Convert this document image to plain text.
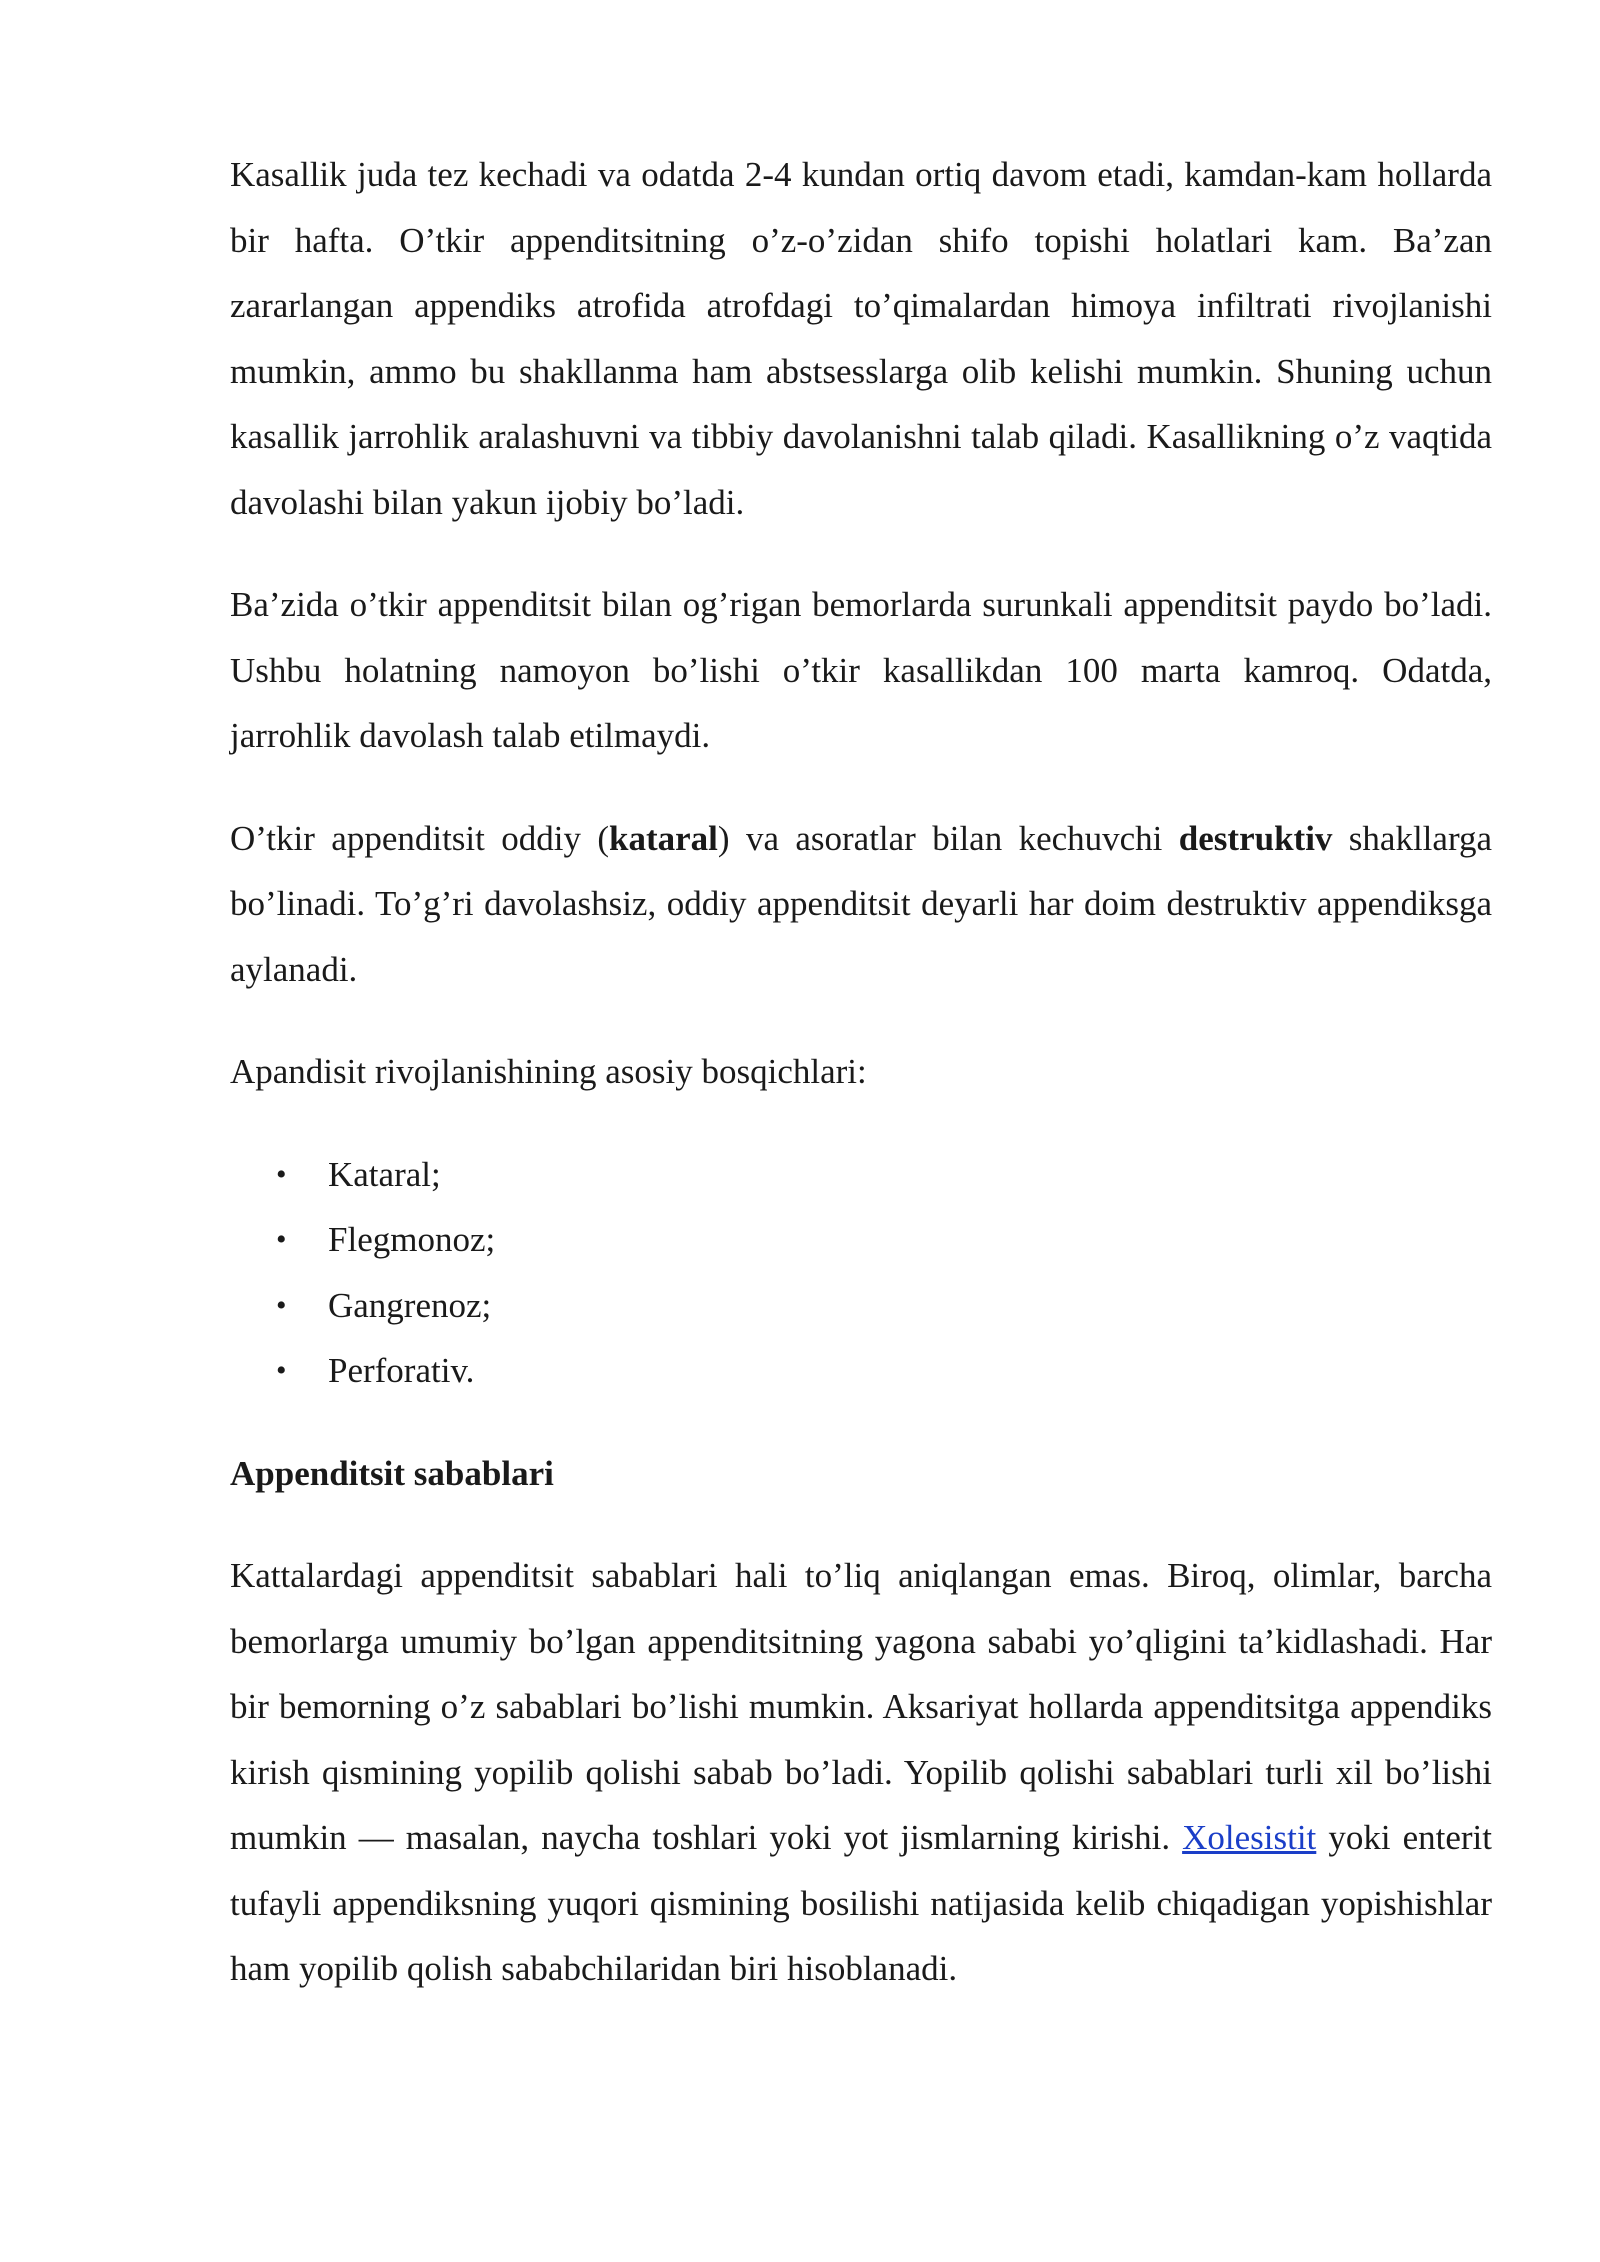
Kasallik juda tez kechadi va odatda 2-4 kundan ortiq davom etadi, kamdan-kam hollarda bir hafta. O’tkir appenditsitning o’z-o’zidan shifo topishi holatlari kam. Ba’zan zararlangan appendiks atrofida atrofdagi to’qimalardan himoya infiltrati rivojlanishi mumkin, ammo bu shakllanma ham abstsesslarga olib kelishi mumkin. Shuning uchun kasallik jarrohlik aralashuvni va tibbiy davolanishni talab qiladi. Kasallikning o’z vaqtida davolashi bilan yakun ijobiy bo’ladi.

Ba’zida o’tkir appenditsit bilan og’rigan bemorlarda surunkali appenditsit paydo bo’ladi. Ushbu holatning namoyon bo’lishi o’tkir kasallikdan 100 marta kamroq. Odatda, jarrohlik davolash talab etilmaydi.

O’tkir appenditsit oddiy (kataral) va asoratlar bilan kechuvchi destruktiv shakllarga bo’linadi. To’g’ri davolashsiz, oddiy appenditsit deyarli har doim destruktiv appendiksga aylanadi.

Apandisit rivojlanishining asosiy bosqichlari:

• Kataral;
• Flegmonoz;
• Gangrenoz;
• Perforativ.
Appenditsit sabablari

Kattalardagi appenditsit sabablari hali to’liq aniqlangan emas. Biroq, olimlar, barcha bemorlarga umumiy bo’lgan appenditsitning yagona sababi yo’qligini ta’kidlashadi. Har bir bemorning o’z sabablari bo’lishi mumkin. Aksariyat hollarda appenditsitga appendiks kirish qismining yopilib qolishi sabab bo’ladi. Yopilib qolishi sabablari turli xil bo’lishi mumkin — masalan, naycha toshlari yoki yot jismlarning kirishi. Xolesistit yoki enterit tufayli appendiksning yuqori qismining bosilishi natijasida kelib chiqadigan yopishishlar ham yopilib qolish sababchilaridan biri hisoblanadi.
